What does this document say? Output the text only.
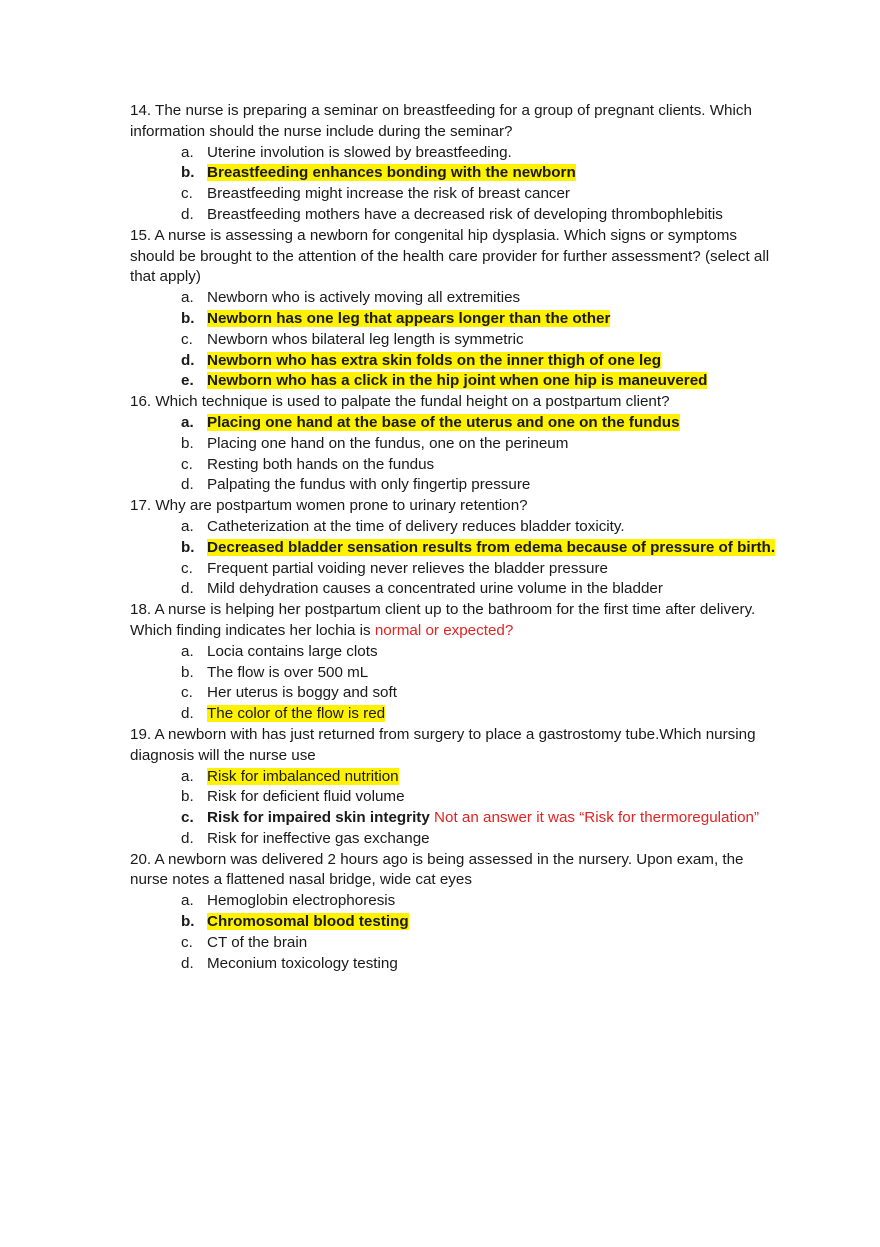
14. The nurse is preparing a seminar on breastfeeding for a group of pregnant clients. Which information should the nurse include during the seminar?
a. Uterine involution is slowed by breastfeeding.
b. Breastfeeding enhances bonding with the newborn
c. Breastfeeding might increase the risk of breast cancer
d. Breastfeeding mothers have a decreased risk of developing thrombophlebitis
15. A nurse is assessing a newborn for congenital hip dysplasia. Which signs or symptoms should be brought to the attention of the health care provider for further assessment? (select all that apply)
a. Newborn who is actively moving all extremities
b. Newborn has one leg that appears longer than the other
c. Newborn whos bilateral leg length is symmetric
d. Newborn who has extra skin folds on the inner thigh of one leg
e. Newborn who has a click in the hip joint when one hip is maneuvered
16. Which technique is used to palpate the fundal height on a postpartum client?
a. Placing one hand at the base of the uterus and one on the fundus
b. Placing one hand on the fundus, one on the perineum
c. Resting both hands on the fundus
d. Palpating the fundus with only fingertip pressure
17. Why are postpartum women prone to urinary retention?
a. Catheterization at the time of delivery reduces bladder toxicity.
b. Decreased bladder sensation results from edema because of pressure of birth.
c. Frequent partial voiding never relieves the bladder pressure
d. Mild dehydration causes a concentrated urine volume in the bladder
18. A nurse is helping her postpartum client up to the bathroom for the first time after delivery. Which finding indicates her lochia is normal or expected?
a. Locia contains large clots
b. The flow is over 500 mL
c. Her uterus is boggy and soft
d. The color of the flow is red
19. A newborn with has just returned from surgery to place a gastrostomy tube.Which nursing diagnosis will the nurse use
a. Risk for imbalanced nutrition
b. Risk for deficient fluid volume
c. Risk for impaired skin integrity Not an answer it was “Risk for thermoregulation”
d. Risk for ineffective gas exchange
20. A newborn was delivered 2 hours ago is being assessed in the nursery. Upon exam, the nurse notes a flattened nasal bridge, wide cat eyes
a. Hemoglobin electrophoresis
b. Chromosomal blood testing
c. CT of the brain
d. Meconium toxicology testing
